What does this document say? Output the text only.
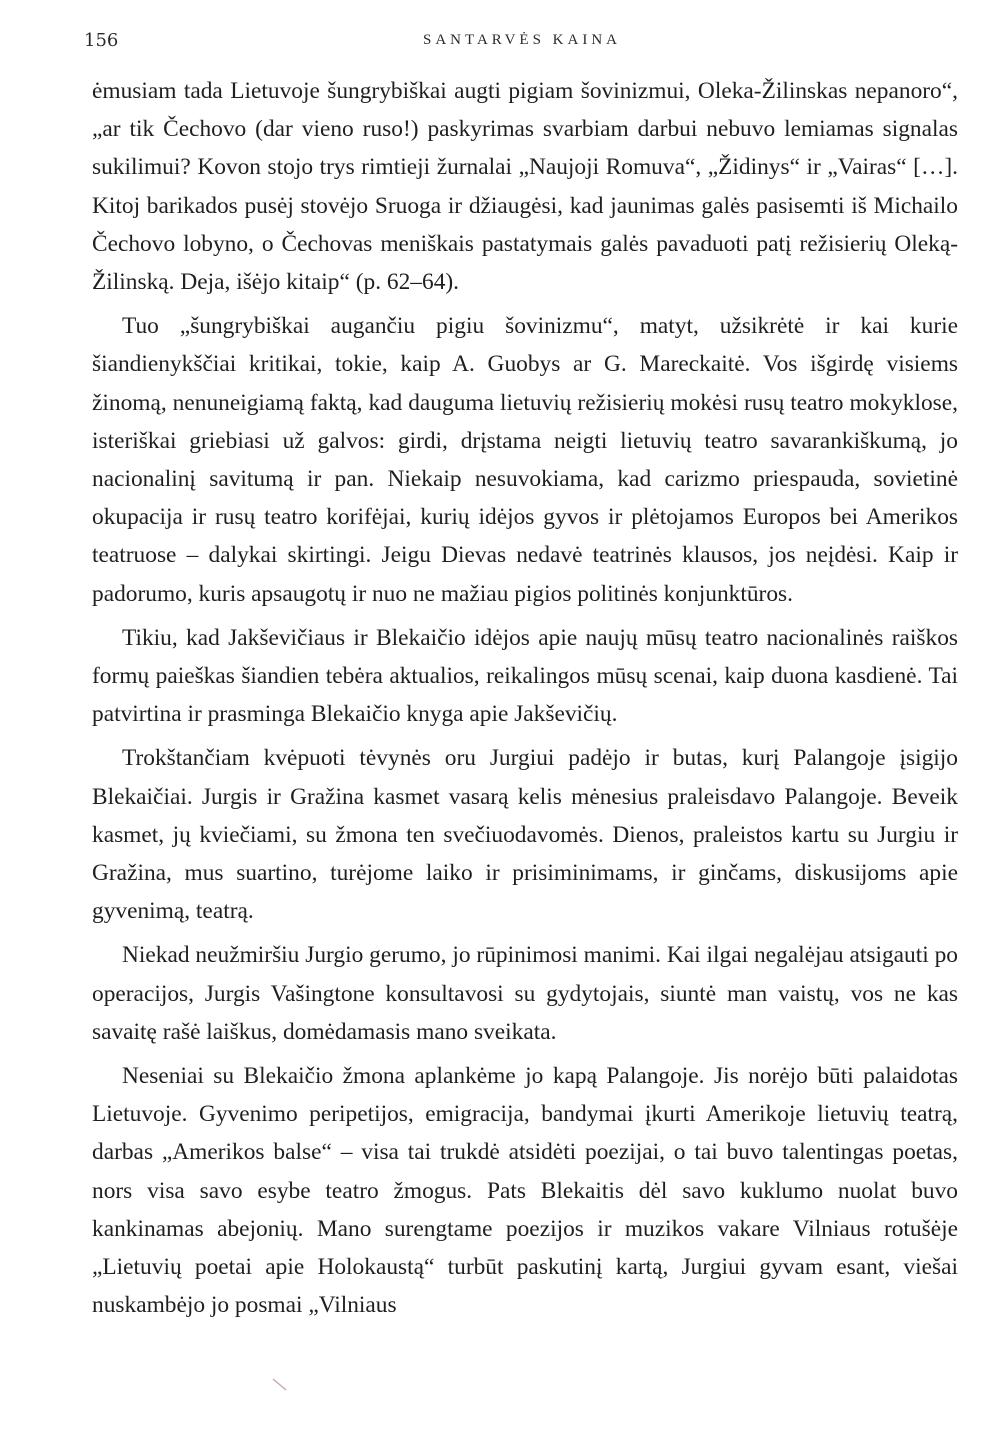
156	SANTARVĖS KAINA

ėmusiam tada Lietuvoje šungrybiškai augti pigiam šovinizmui, Oleka-Žilinskas nepanoro“, „ar tik Čechovo (dar vieno ruso!) paskyrimas svarbiam darbui nebuvo lemiamas signalas sukilimui? Kovon stojo trys rimtieji žurnalai „Naujoji Romuva“, „Židinys“ ir „Vairas“ […]. Kitoj barikados pusėj stovėjo Sruoga ir džiaugėsi, kad jaunimas galės pasisemti iš Michailo Čechovo lobyno, o Čechovas meniškais pastatymais galės pavaduoti patį režisierių Oleką-Žilinską. Deja, išėjo kitaip“ (p. 62–64).

Tuo „šungrybiškai augančiu pigiu šovinizmu“, matyt, užsikrėtė ir kai kurie šiandienykščiai kritikai, tokie, kaip A. Guobys ar G. Mareckaitė. Vos išgirdę visiems žinomą, nenuneigiamą faktą, kad dauguma lietuvių režisierių mokėsi rusų teatro mokyklose, isteriškai griebiasi už galvos: girdi, drįstama neigti lietuvių teatro savarankiškumą, jo nacionalinį savitumą ir pan. Niekaip nesuvokiama, kad carizmo priespauda, sovietinė okupacija ir rusų teatro korifėjai, kurių idėjos gyvos ir plėtojamos Europos bei Amerikos teatruose – dalykai skirtingi. Jeigu Dievas nedavė teatrinės klausos, jos neįdėsi. Kaip ir padorumo, kuris apsaugotų ir nuo ne mažiau pigios politinės konjunktūros.

Tikiu, kad Jakševičiaus ir Blekaičio idėjos apie naujų mūsų teatro nacionalinės raiškos formų paieškas šiandien tebėra aktualios, reikalingos mūsų scenai, kaip duona kasdienė. Tai patvirtina ir prasminga Blekaičio knyga apie Jakševičių.

Trokštančiam kvėpuoti tėvynės oru Jurgiui padėjo ir butas, kurį Palangoje įsigijo Blekaičiai. Jurgis ir Gražina kasmet vasarą kelis mėnesius praleisdavo Palangoje. Beveik kasmet, jų kviečiami, su žmona ten svečiuodavomės. Dienos, praleistos kartu su Jurgiu ir Gražina, mus suartino, turėjome laiko ir prisiminimams, ir ginčams, diskusijoms apie gyvenimą, teatrą.

Niekad neužmiršiu Jurgio gerumo, jo rūpinimosi manimi. Kai ilgai negalėjau atsigauti po operacijos, Jurgis Vašingtone konsultavosi su gydytojais, siuntė man vaistų, vos ne kas savaitę rašė laiškus, domėdamasis mano sveikata.

Neseniai su Blekaičio žmona aplankėme jo kapą Palangoje. Jis norėjo būti palaidotas Lietuvoje. Gyvenimo peripetijos, emigracija, bandymai įkurti Amerikoje lietuvių teatrą, darbas „Amerikos balse“ – visa tai trukdė atsidėti poezijai, o tai buvo talentingas poetas, nors visa savo esybe teatro žmogus. Pats Blekaitis dėl savo kuklumo nuolat buvo kankinamas abejonių. Mano surengtame poezijos ir muzikos vakare Vilniaus rotušėje „Lietuvių poetai apie Holokaustą“ turbūt paskutinį kartą, Jurgiui gyvam esant, viešai nuskambėjo jo posmai „Vilniaus
